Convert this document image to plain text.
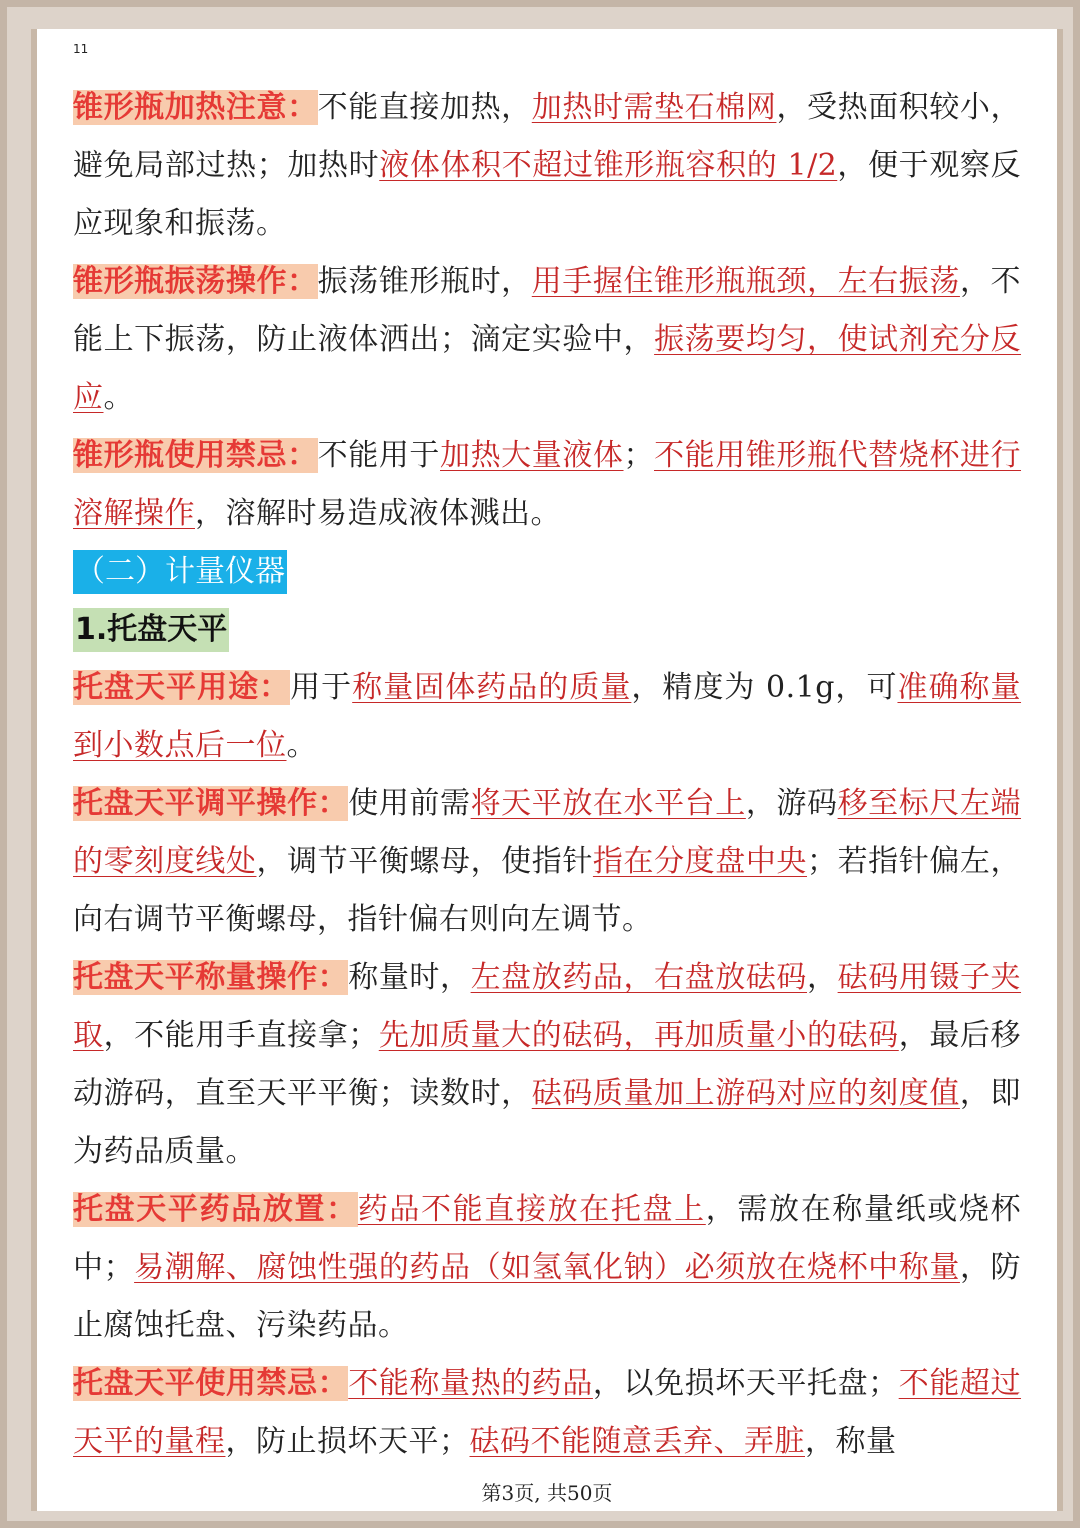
11

锥形瓶加热注意：不能直接加热，加热时需垫石棉网，受热面积较小，避免局部过热；加热时液体体积不超过锥形瓶容积的 1/2，便于观察反应现象和振荡。

锥形瓶振荡操作：振荡锥形瓶时，用手握住锥形瓶瓶颈，左右振荡，不能上下振荡，防止液体洒出；滴定实验中，振荡要均匀，使试剂充分反应。

锥形瓶使用禁忌：不能用于加热大量液体；不能用锥形瓶代替烧杯进行溶解操作，溶解时易造成液体溅出。

（二）计量仪器
1.托盘天平

托盘天平用途：用于称量固体药品的质量，精度为 0.1g，可准确称量到小数点后一位。

托盘天平调平操作：使用前需将天平放在水平台上，游码移至标尺左端的零刻度线处，调节平衡螺母，使指针指在分度盘中央；若指针偏左，向右调节平衡螺母，指针偏右则向左调节。

托盘天平称量操作：称量时，左盘放药品，右盘放砝码，砝码用镊子夹取，不能用手直接拿；先加质量大的砝码，再加质量小的砝码，最后移动游码，直至天平平衡；读数时，砝码质量加上游码对应的刻度值，即为药品质量。

托盘天平药品放置：药品不能直接放在托盘上，需放在称量纸或烧杯中；易潮解、腐蚀性强的药品（如氢氧化钠）必须放在烧杯中称量，防止腐蚀托盘、污染药品。

托盘天平使用禁忌：不能称量热的药品，以免损坏天平托盘；不能超过天平的量程，防止损坏天平；砝码不能随意丢弃、弄脏，称量

第3页, 共50页
